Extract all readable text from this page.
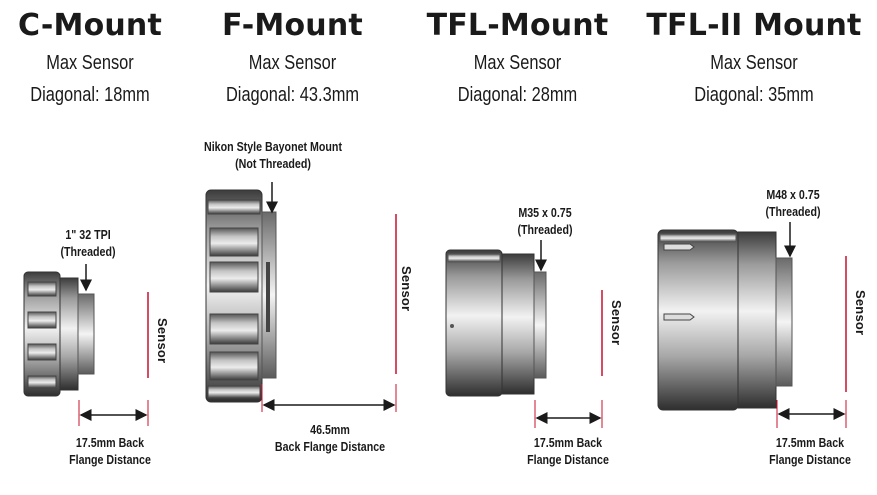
C-Mount
Max Sensor
Diagonal: 18mm
F-Mount
Max Sensor
Diagonal: 43.3mm
TFL-Mount
Max Sensor
Diagonal: 28mm
TFL-II Mount
Max Sensor
Diagonal: 35mm
1" 32 TPI
(Threaded)
Nikon Style Bayonet Mount
(Not Threaded)
M35 x 0.75
(Threaded)
M48 x 0.75
(Threaded)
Sensor
Sensor
Sensor	Sensor
17.5mm Back
Flange Distance
46.5mm
Back Flange Distance	17.5mm Back
Flange Distance
17.5mm Back
Flange Distance
